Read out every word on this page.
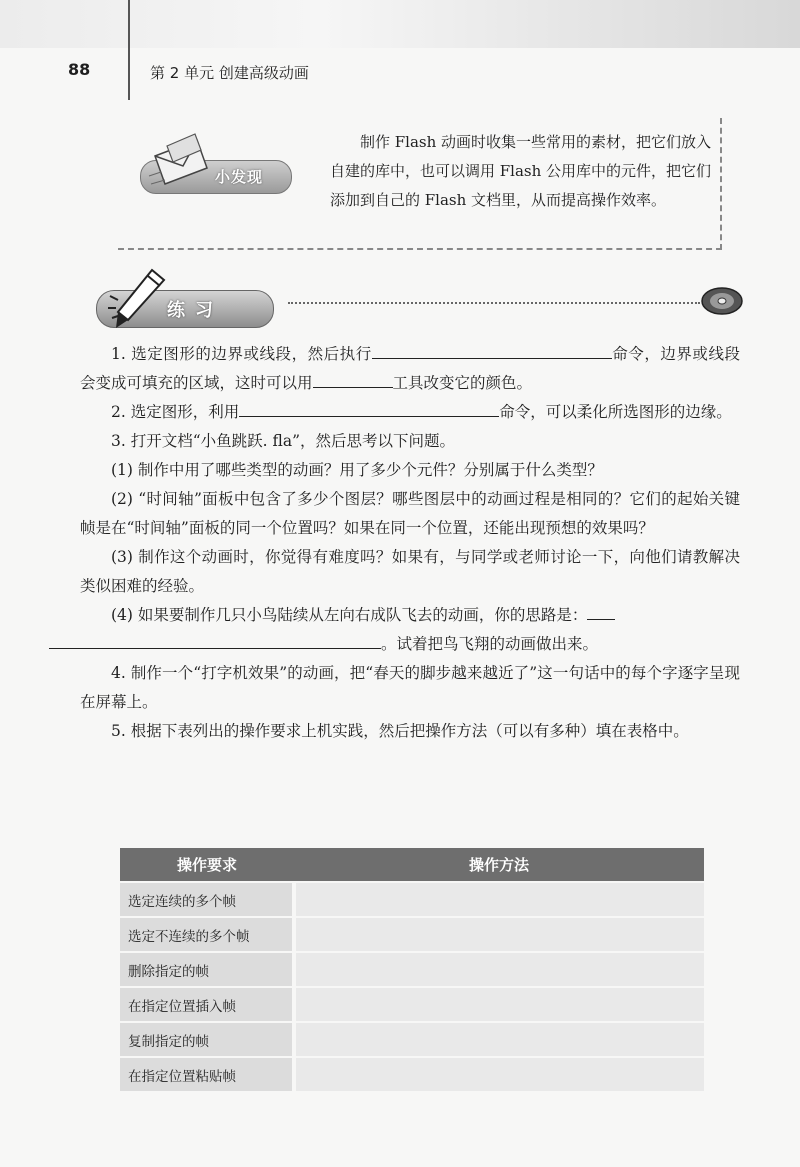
88	第 2 单元 创建高级动画
小发现
制作 Flash 动画时收集一些常用的素材，把它们放入自建的库中，也可以调用 Flash 公用库中的元件，把它们添加到自己的 Flash 文档里，从而提高操作效率。
练习

1. 选定图形的边界或线段，然后执行	命令，边界或线段会变成可填充的区域，这时可以用	工具改变它的颜色。

2. 选定图形，利用	命令，可以柔化所选图形的边缘。

3. 打开文档“小鱼跳跃. fla”，然后思考以下问题。

(1) 制作中用了哪些类型的动画？用了多少个元件？分别属于什么类型？

(2) “时间轴”面板中包含了多少个图层？哪些图层中的动画过程是相同的？它们的起始关键帧是在“时间轴”面板的同一个位置吗？如果在同一个位置，还能出现预想的效果吗？

(3) 制作这个动画时，你觉得有难度吗？如果有，与同学或老师讨论一下，向他们请教解决类似困难的经验。

(4) 如果要制作几只小鸟陆续从左向右成队飞去的动画，你的思路是：
。试着把鸟飞翔的动画做出来。

4. 制作一个“打字机效果”的动画，把“春天的脚步越来越近了”这一句话中的每个字逐字呈现在屏幕上。

5. 根据下表列出的操作要求上机实践，然后把操作方法（可以有多种）填在表格中。

操作要求	操作方法
选定连续的多个帧	
选定不连续的多个帧	
删除指定的帧	
在指定位置插入帧	
复制指定的帧	
在指定位置粘贴帧	
